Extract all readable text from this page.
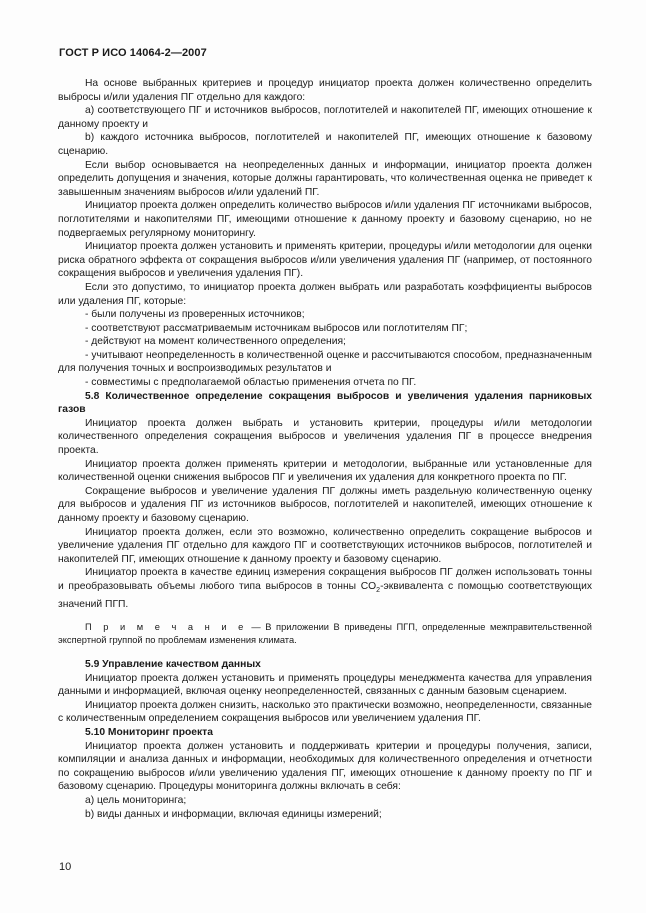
ГОСТ Р ИСО 14064-2—2007

На основе выбранных критериев и процедур инициатор проекта должен количественно определить выбросы и/или удаления ПГ отдельно для каждого:

a) соответствующего ПГ и источников выбросов, поглотителей и накопителей ПГ, имеющих отношение к данному проекту и

b) каждого источника выбросов, поглотителей и накопителей ПГ, имеющих отношение к базовому сценарию.

Если выбор основывается на неопределенных данных и информации, инициатор проекта должен определить допущения и значения, которые должны гарантировать, что количественная оценка не приведет к завышенным значениям выбросов и/или удалений ПГ.

Инициатор проекта должен определить количество выбросов и/или удаления ПГ источниками выбросов, поглотителями и накопителями ПГ, имеющими отношение к данному проекту и базовому сценарию, но не подвергаемых регулярному мониторингу.

Инициатор проекта должен установить и применять критерии, процедуры и/или методологии для оценки риска обратного эффекта от сокращения выбросов и/или увеличения удаления ПГ (например, от постоянного сокращения выбросов и увеличения удаления ПГ).

Если это допустимо, то инициатор проекта должен выбрать или разработать коэффициенты выбросов или удаления ПГ, которые:

- были получены из проверенных источников;

- соответствуют рассматриваемым источникам выбросов или поглотителям ПГ;

- действуют на момент количественного определения;

- учитывают неопределенность в количественной оценке и рассчитываются способом, предназначенным для получения точных и воспроизводимых результатов и

- совместимы с предполагаемой областью применения отчета по ПГ.

5.8 Количественное определение сокращения выбросов и увеличения удаления парниковых газов

Инициатор проекта должен выбрать и установить критерии, процедуры и/или методологии количественного определения сокращения выбросов и увеличения удаления ПГ в процессе внедрения проекта.

Инициатор проекта должен применять критерии и методологии, выбранные или установленные для количественной оценки снижения выбросов ПГ и увеличения их удаления для конкретного проекта по ПГ.

Сокращение выбросов и увеличение удаления ПГ должны иметь раздельную количественную оценку для выбросов и удаления ПГ из источников выбросов, поглотителей и накопителей, имеющих отношение к данному проекту и базовому сценарию.

Инициатор проекта должен, если это возможно, количественно определить сокращение выбросов и увеличение удаления ПГ отдельно для каждого ПГ и соответствующих источников выбросов, поглотителей и накопителей ПГ, имеющих отношение к данному проекту и базовому сценарию.

Инициатор проекта в качестве единиц измерения сокращения выбросов ПГ должен использовать тонны и преобразовывать объемы любого типа выбросов в тонны $CO_2$-эквивалента с помощью соответствующих значений ПГП.

П р и м е ч а н и е — В приложении В приведены ПГП, определенные межправительственной экспертной группой по проблемам изменения климата.

5.9 Управление качеством данных

Инициатор проекта должен установить и применять процедуры менеджмента качества для управления данными и информацией, включая оценку неопределенностей, связанных с данным базовым сценарием.

Инициатор проекта должен снизить, насколько это практически возможно, неопределенности, связанные с количественным определением сокращения выбросов или увеличением удаления ПГ.

5.10 Мониторинг проекта

Инициатор проекта должен установить и поддерживать критерии и процедуры получения, записи, компиляции и анализа данных и информации, необходимых для количественного определения и отчетности по сокращению выбросов и/или увеличению удаления ПГ, имеющих отношение к данному проекту по ПГ и базовому сценарию. Процедуры мониторинга должны включать в себя:

a) цель мониторинга;

b) виды данных и информации, включая единицы измерений;

10
